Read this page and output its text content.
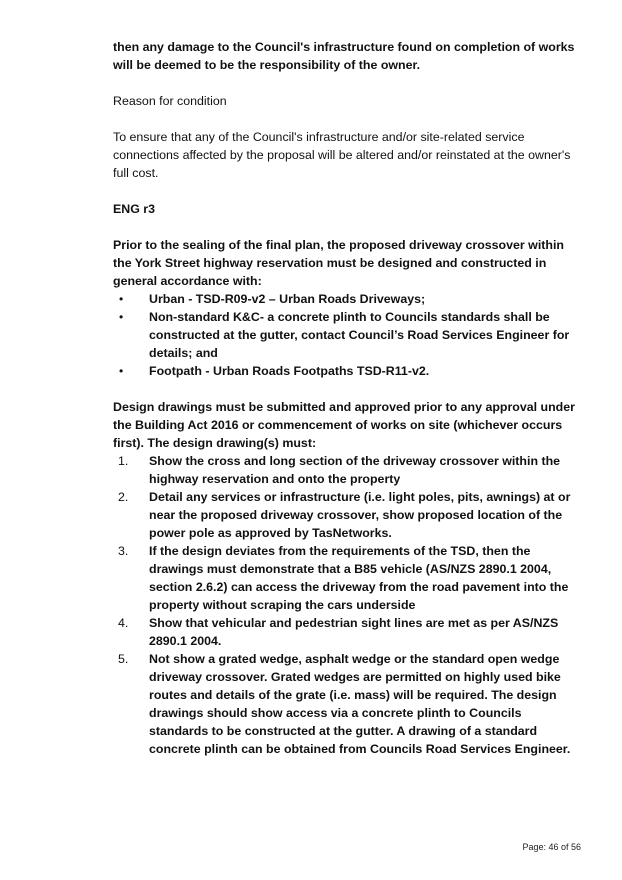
then any damage to the Council's infrastructure found on completion of works will be deemed to be the responsibility of the owner.

Reason for condition

To ensure that any of the Council's infrastructure and/or site-related service connections affected by the proposal will be altered and/or reinstated at the owner's full cost.

ENG r3

Prior to the sealing of the final plan, the proposed driveway crossover within the York Street highway reservation must be designed and constructed in general accordance with:

•	Urban - TSD-R09-v2 – Urban Roads Driveways;
•	Non-standard K&C- a concrete plinth to Councils standards shall be constructed at the gutter, contact Council’s Road Services Engineer for details; and
•	Footpath - Urban Roads Footpaths TSD-R11-v2.

Design drawings must be submitted and approved prior to any approval under the Building Act 2016 or commencement of works on site (whichever occurs first). The design drawing(s) must:

1.	Show the cross and long section of the driveway crossover within the highway reservation and onto the property
2.	Detail any services or infrastructure (i.e. light poles, pits, awnings) at or near the proposed driveway crossover, show proposed location of the power pole as approved by TasNetworks.
3.	If the design deviates from the requirements of the TSD, then the drawings must demonstrate that a B85 vehicle (AS/NZS 2890.1 2004, section 2.6.2) can access the driveway from the road pavement into the property without scraping the cars underside
4.	Show that vehicular and pedestrian sight lines are met as per AS/NZS 2890.1 2004.
5.	Not show a grated wedge, asphalt wedge or the standard open wedge driveway crossover. Grated wedges are permitted on highly used bike routes and details of the grate (i.e. mass) will be required. The design drawings should show access via a concrete plinth to Councils standards to be constructed at the gutter. A drawing of a standard concrete plinth can be obtained from Councils Road Services Engineer.
Page: 46 of 56
